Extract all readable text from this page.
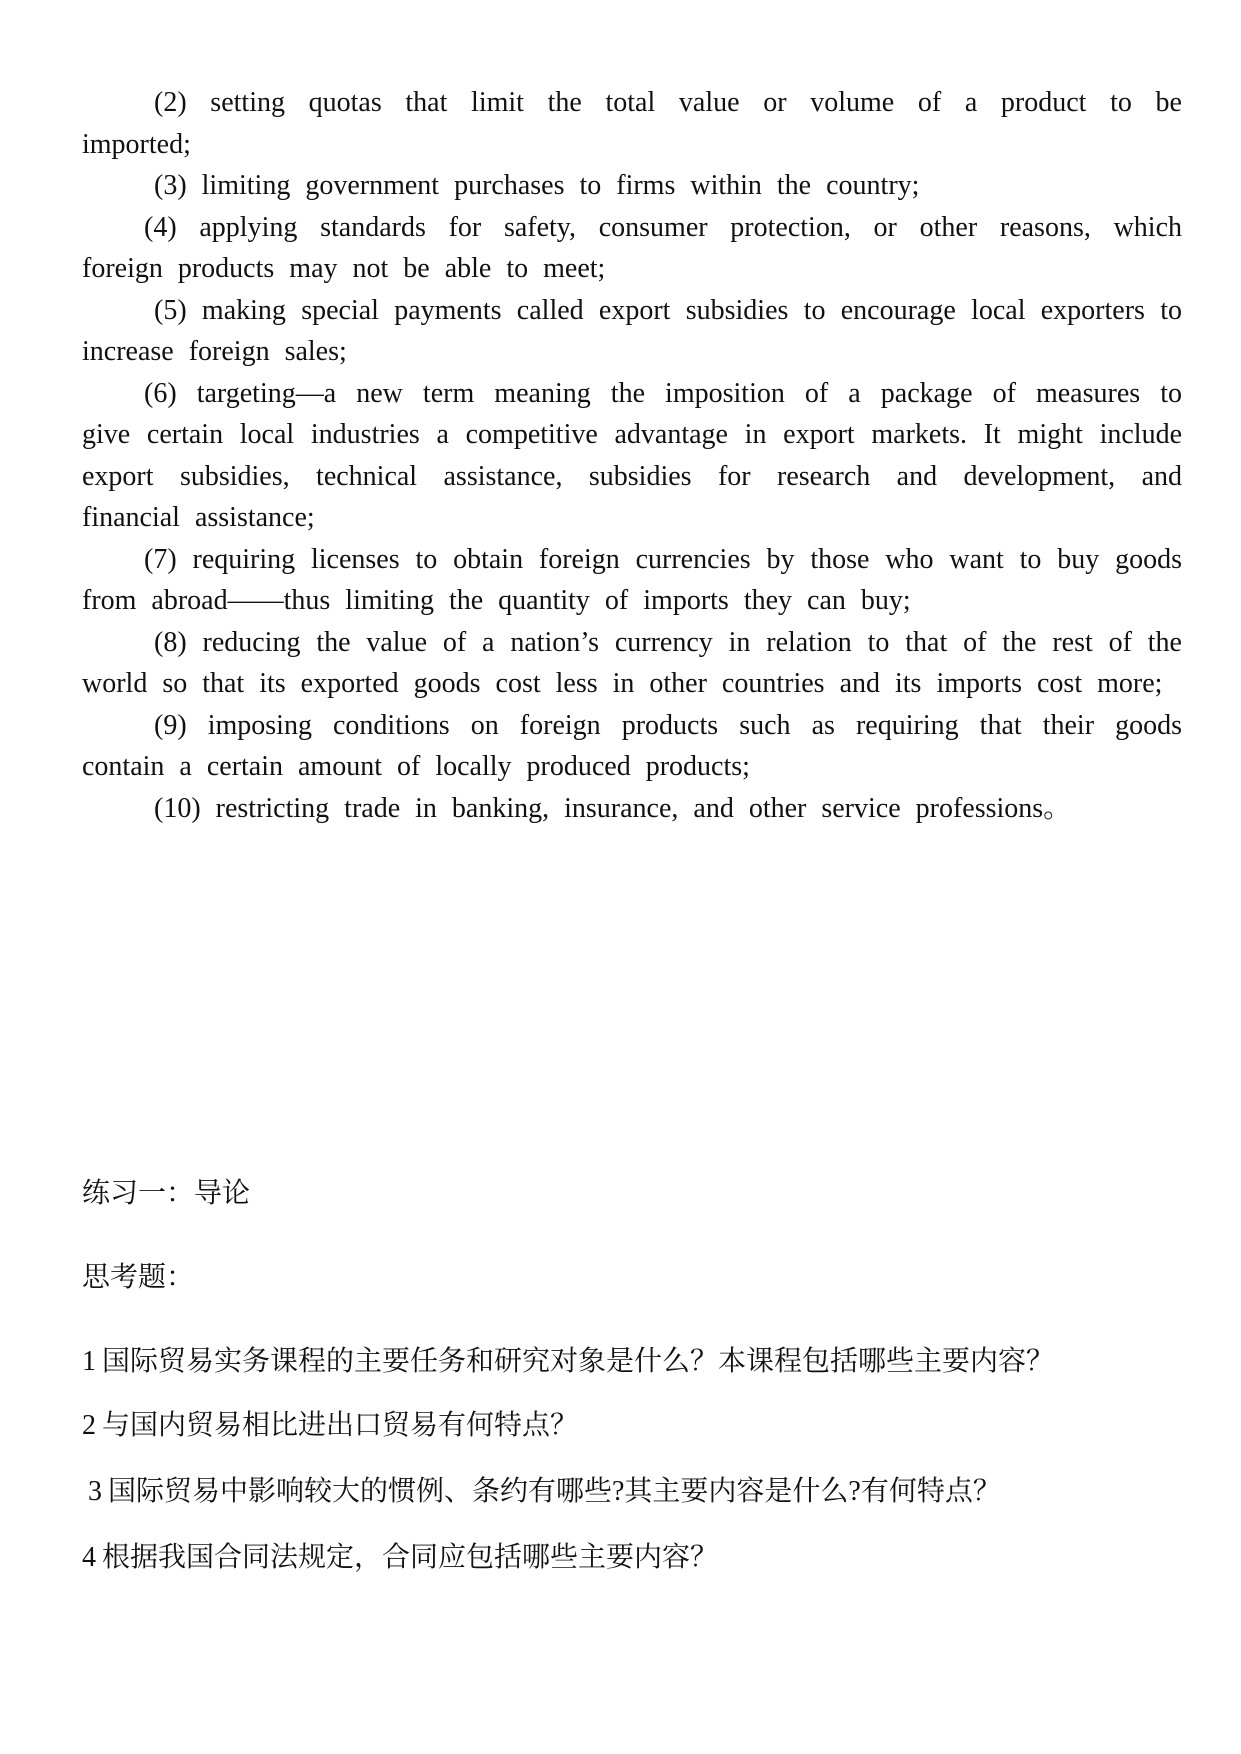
(2) setting quotas that limit the total value or volume of a product to be imported;

(3) limiting government purchases to firms within the country;

(4) applying standards for safety, consumer protection, or other reasons, which foreign products may not be able to meet;

(5) making special payments called export subsidies to encourage local exporters to increase foreign sales;

(6) targeting—a new term meaning the imposition of a package of measures to give certain local industries a competitive advantage in export markets. It might include export subsidies, technical assistance, subsidies for research and development, and financial assistance;

(7) requiring licenses to obtain foreign currencies by those who want to buy goods from abroad——thus limiting the quantity of imports they can buy;

(8) reducing the value of a nation’s currency in relation to that of the rest of the world so that its exported goods cost less in other countries and its imports cost more;

(9) imposing conditions on foreign products such as requiring that their goods contain a certain amount of locally produced products;

(10) restricting trade in banking, insurance, and other service professions。

练习一：导论
思考题：
1 国际贸易实务课程的主要任务和研究对象是什么？本课程包括哪些主要内容？
2 与国内贸易相比进出口贸易有何特点？
3 国际贸易中影响较大的惯例、条约有哪些?其主要内容是什么?有何特点？
4 根据我国合同法规定，合同应包括哪些主要内容？
